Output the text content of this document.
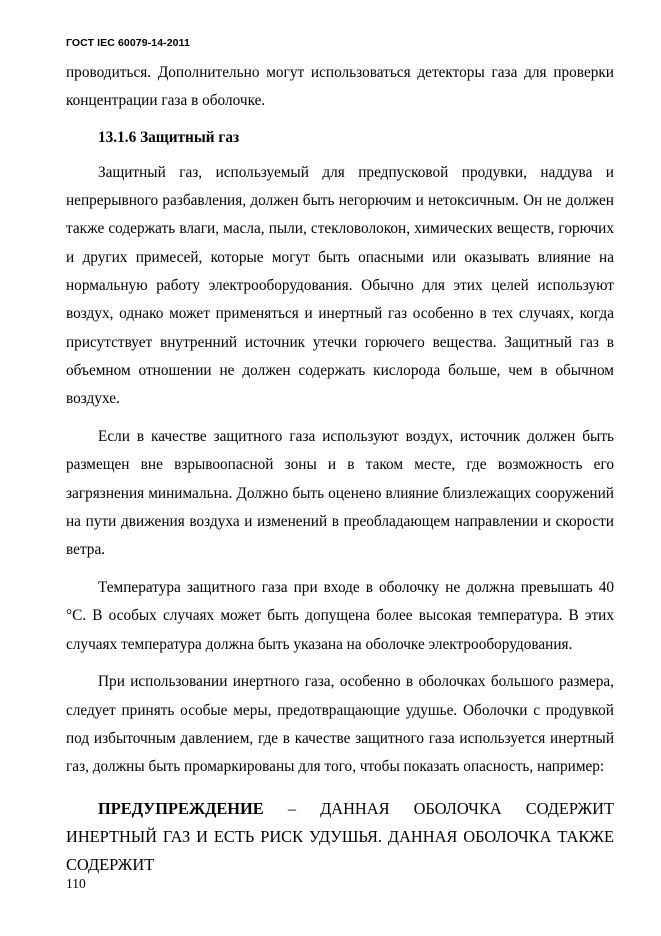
ГОСТ IEC 60079-14-2011

проводиться. Дополнительно могут использоваться детекторы газа для проверки концентрации газа в оболочке.

13.1.6 Защитный газ

Защитный газ, используемый для предпусковой продувки, наддува и непрерывного разбавления, должен быть негорючим и нетоксичным. Он не должен также содержать влаги, масла, пыли, стекловолокон, химических веществ, горючих и других примесей, которые могут быть опасными или оказывать влияние на нормальную работу электрооборудования. Обычно для этих целей используют воздух, однако может применяться и инертный газ особенно в тех случаях, когда присутствует внутренний источник утечки горючего вещества. Защитный газ в объемном отношении не должен содержать кислорода больше, чем в обычном воздухе.

Если в качестве защитного газа используют воздух, источник должен быть размещен вне взрывоопасной зоны и в таком месте, где возможность его загрязнения минимальна. Должно быть оценено влияние близлежащих сооружений на пути движения воздуха и изменений в преобладающем направлении и скорости ветра.

Температура защитного газа при входе в оболочку не должна превышать 40 °С. В особых случаях может быть допущена более высокая температура. В этих случаях температура должна быть указана на оболочке электрооборудования.

При использовании инертного газа, особенно в оболочках большого размера, следует принять особые меры, предотвращающие удушье. Оболочки с продувкой под избыточным давлением, где в качестве защитного газа используется инертный газ, должны быть промаркированы для того, чтобы показать опасность, например:

ПРЕДУПРЕЖДЕНИЕ – ДАННАЯ ОБОЛОЧКА СОДЕРЖИТ ИНЕРТНЫЙ ГАЗ И ЕСТЬ РИСК УДУШЬЯ. ДАННАЯ ОБОЛОЧКА ТАКЖЕ СОДЕРЖИТ

110
